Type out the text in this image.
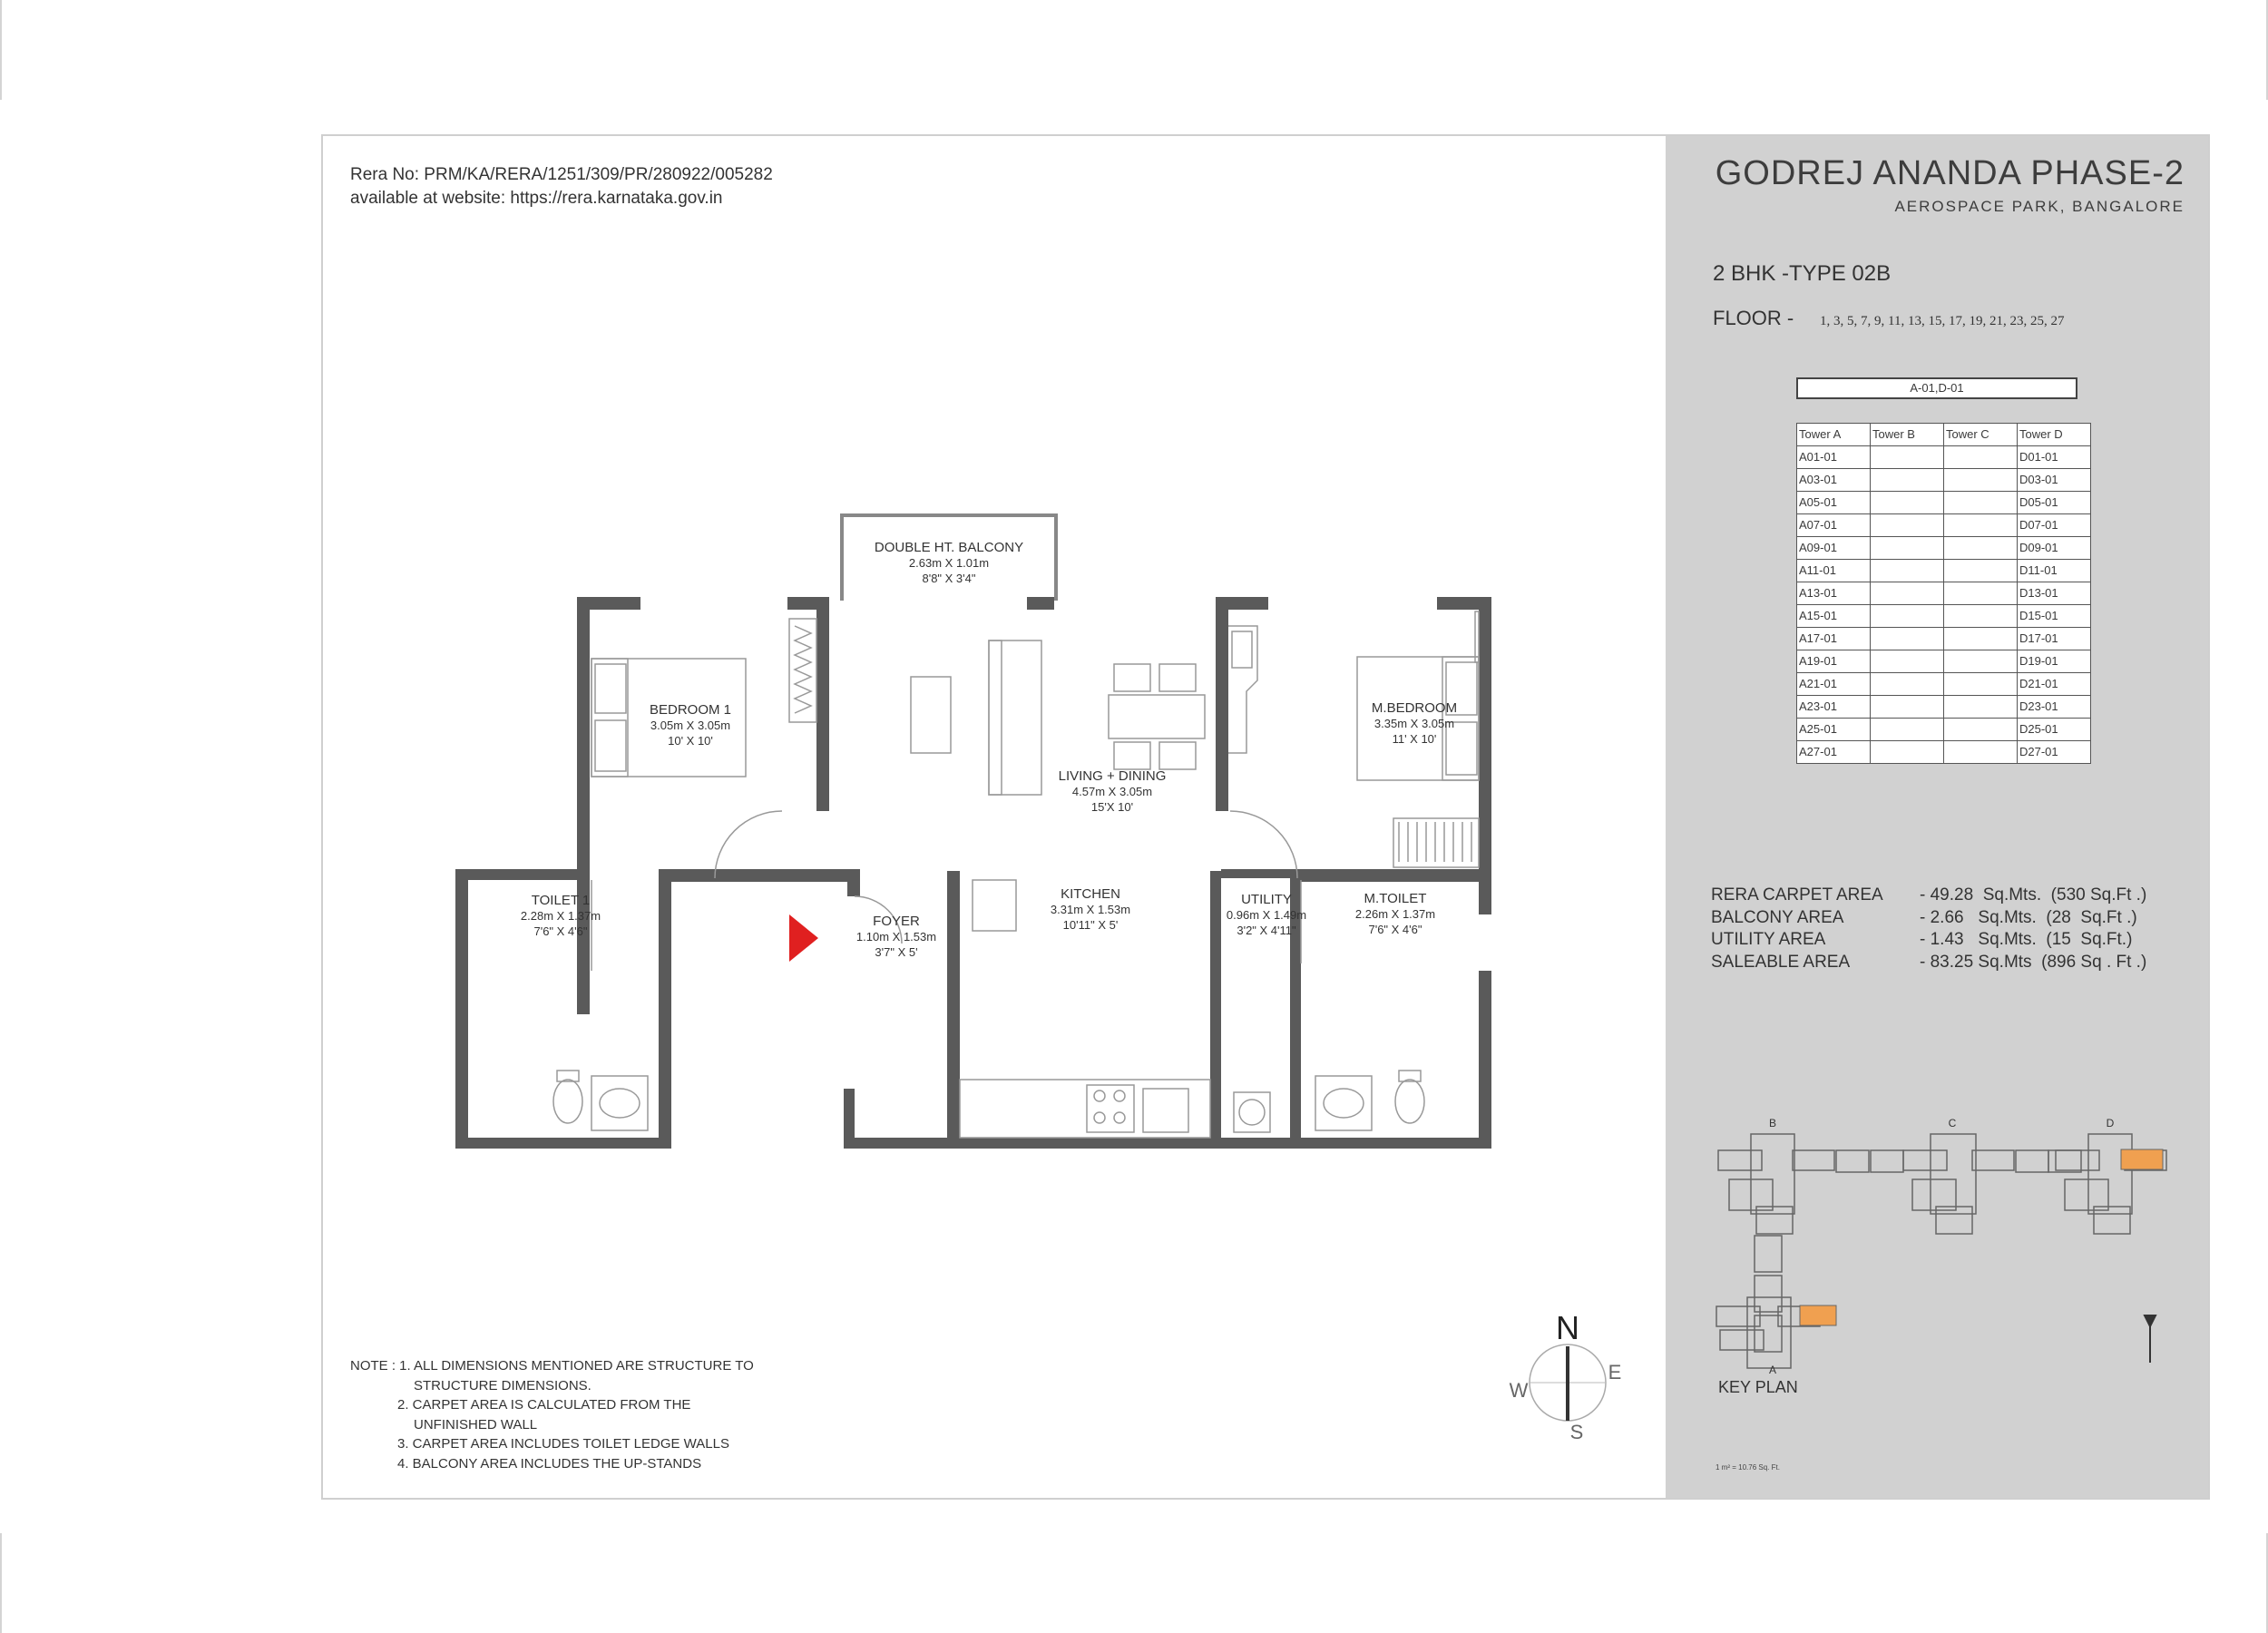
Rera No: PRM/KA/RERA/1251/309/PR/280922/005282
available at website: https://rera.karnataka.gov.in
DOUBLE HT. BALCONY
2.63m X 1.01m
8'8" X 3'4"
BEDROOM 1
3.05m X 3.05m
10' X 10'
LIVING + DINING
4.57m X 3.05m
15'X 10'
M.BEDROOM
3.35m X 3.05m
11' X 10'
TOILET 1
2.28m X 1.37m
7'6" X 4'6"
FOYER
1.10m X 1.53m
3'7" X 5'
KITCHEN
3.31m X 1.53m
10'11" X 5'
UTILITY
0.96m X 1.49m
3'2" X 4'11"
M.TOILET
2.26m X 1.37m
7'6" X 4'6"
N
S
E
W
NOTE : 1. ALL DIMENSIONS MENTIONED ARE STRUCTURE TO
STRUCTURE DIMENSIONS.
2. CARPET AREA IS CALCULATED FROM THE
UNFINISHED WALL
3. CARPET AREA INCLUDES TOILET LEDGE WALLS
4. BALCONY AREA INCLUDES THE UP-STANDS
GODREJ ANANDA PHASE-2
AEROSPACE PARK, BANGALORE
2 BHK -TYPE 02B
FLOOR - 1, 3, 5, 7, 9, 11, 13, 15, 17, 19, 21, 23, 25, 27
A-01,D-01
Tower A	Tower B	Tower C	Tower D
A01-01			D01-01
A03-01			D03-01
A05-01			D05-01
A07-01			D07-01
A09-01			D09-01
A11-01			D11-01
A13-01			D13-01
A15-01			D15-01
A17-01			D17-01
A19-01			D19-01
A21-01			D21-01
A23-01			D23-01
A25-01			D25-01
A27-01			D27-01
RERA CARPET AREA	- 49.28  Sq.Mts.  (530 Sq.Ft .)
BALCONY AREA	- 2.66   Sq.Mts.  (28  Sq.Ft .)
UTILITY AREA	- 1.43   Sq.Mts.  (15  Sq.Ft.)
SALEABLE AREA	- 83.25 Sq.Mts  (896 Sq . Ft .)
B	C	D
A
KEY PLAN
1 m² = 10.76 Sq. Ft.
